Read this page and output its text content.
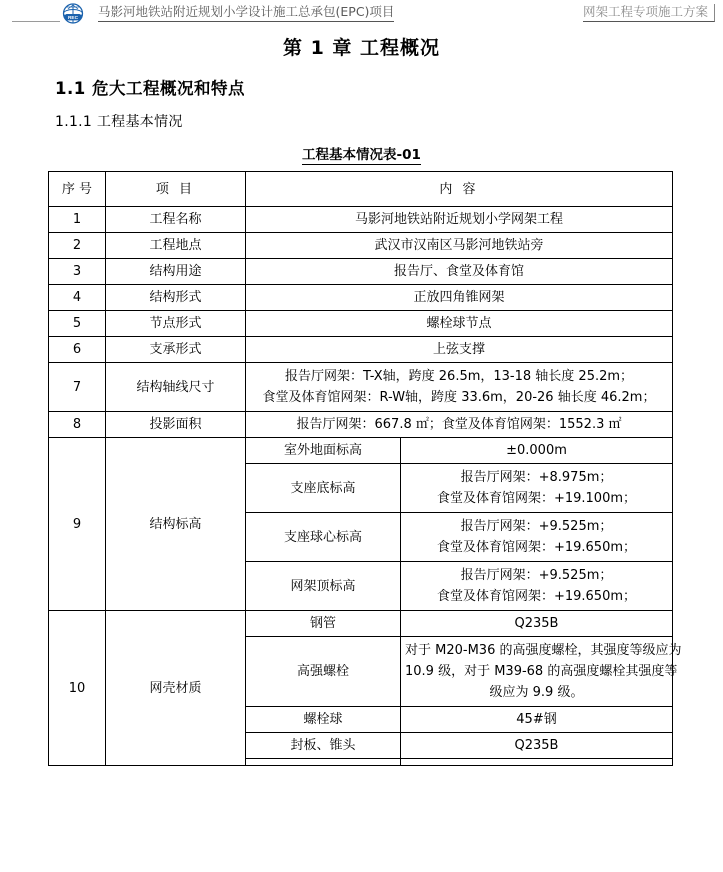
REC 马影河地铁站附近规划小学设计施工总承包(EPC)项目	网架工程专项施工方案
第 1 章 工程概况
1.1 危大工程概况和特点
1.1.1 工程基本情况
工程基本情况表-01
序 号	项 目	内 容	
1	工程名称	马影河地铁站附近规划小学网架工程	
2	工程地点	武汉市汉南区马影河地铁站旁	
3	结构用途	报告厅、食堂及体育馆	
4	结构形式	正放四角锥网架	
5	节点形式	螺栓球节点	
6	支承形式	上弦支撑	
7	结构轴线尺寸	报告厅网架：T-X轴，跨度 26.5m，13-18 轴长度 25.2m；
食堂及体育馆网架：R-W轴，跨度 33.6m，20-26 轴长度 46.2m；	

8	投影面积	报告厅网架：667.8 ㎡；食堂及体育馆网架：1552.3 ㎡	
9	结构标高	室外地面标高	±0.000m

		支座底标高	报告厅网架：+8.975m；
食堂及体育馆网架：+19.100m；

		支座球心标高	报告厅网架：+9.525m；
食堂及体育馆网架：+19.650m；

		网架顶标高	报告厅网架：+9.525m；
食堂及体育馆网架：+19.650m；

10	网壳材质	钢管	Q235B

		高强螺栓	对于 M20-M36 的高强度螺栓，其强度等级应为
10.9 级，对于 M39-68 的高强度螺栓其强度等
级应为 9.9 级。

		螺栓球	45#钢

		封板、锥头	Q235B
